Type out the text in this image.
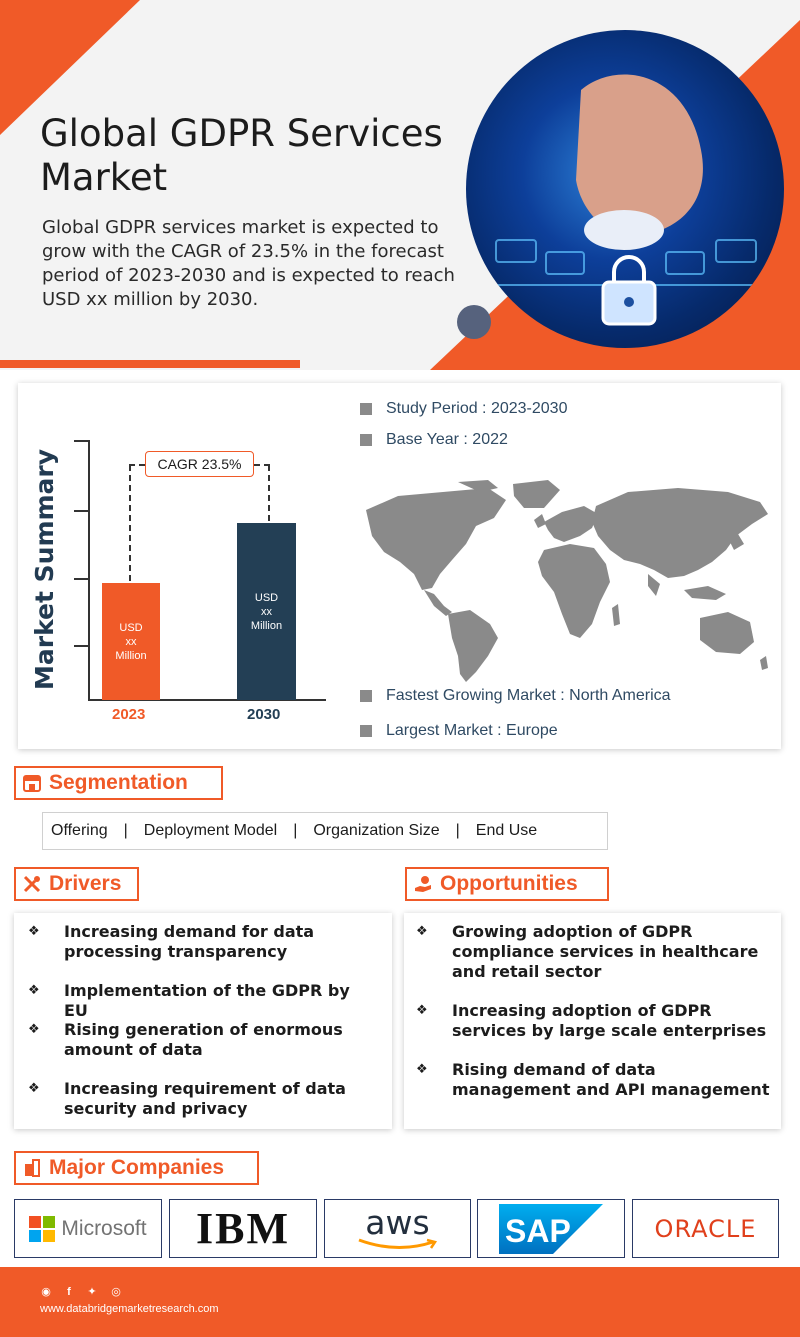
Global GDPR Services Market
Global GDPR services market is expected to grow with the CAGR of 23.5% in the forecast period of 2023-2030 and is expected to reach USD xx million by 2030.
Market Summary	CAGR 23.5%
USD
xx
Million
USD
xx
Million
2023	2030
Study Period : 2023-2030
Base Year : 2022
Fastest Growing Market : North America
Largest Market : Europe
Segmentation
Offering	|	Deployment Model	|	Organization Size	|	End Use
Drivers
❖ Increasing demand for data processing transparency
❖ Implementation of the GDPR by EU
❖ Rising generation of enormous amount of data
❖ Increasing requirement of data security and privacy
Opportunities
❖ Growing adoption of GDPR compliance services in healthcare and retail sector
❖ Increasing adoption of GDPR services by large scale enterprises
❖ Rising demand of data management and API management
Major Companies
Microsoft IBM aws SAP	ORACLE
◉	f	✦ ◎
www.databridgemarketresearch.com
